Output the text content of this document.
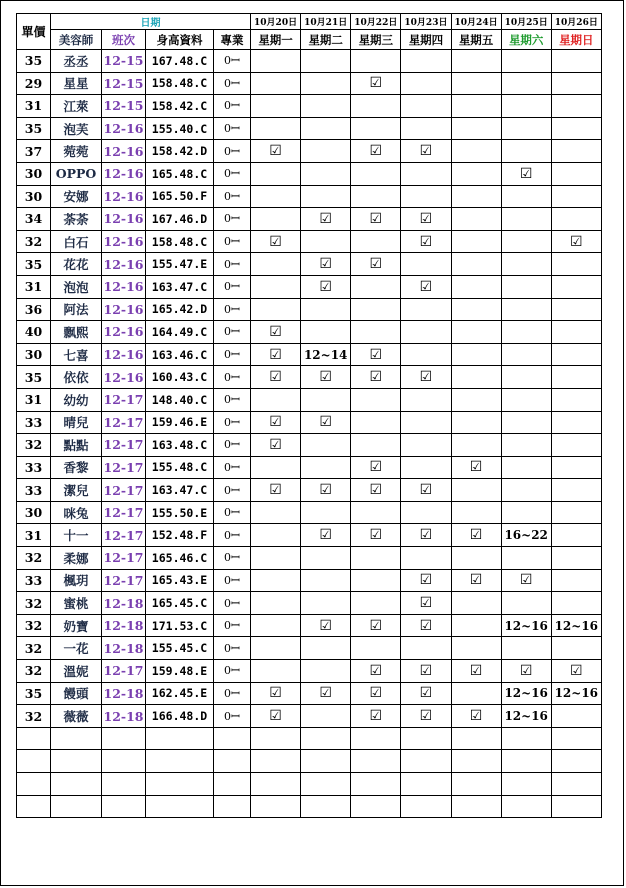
單價	日期				10月20日	10月21日	10月22日	10月23日	10月24日	10月25日	10月26日
	美容師	班次	身高資料	專業	星期一	星期二	星期三	星期四	星期五	星期六	星期日
35	丞丞	12-15	167.48.C	0ꟷ							
29	星星	12-15	158.48.C	0ꟷ			☑				
31	江萊	12-15	158.42.C	0ꟷ							
35	泡芙	12-16	155.40.C	0ꟷ							
37	菀菀	12-16	158.42.D	0ꟷ	☑		☑	☑			
30	OPPO	12-16	165.48.C	0ꟷ						☑	
30	安娜	12-16	165.50.F	0ꟷ							
34	荼荼	12-16	167.46.D	0ꟷ		☑	☑	☑			
32	白石	12-16	158.48.C	0ꟷ	☑			☑			☑
35	花花	12-16	155.47.E	0ꟷ		☑	☑				
31	泡泡	12-16	163.47.C	0ꟷ		☑		☑			
36	阿法	12-16	165.42.D	0ꟷ							
40	飘熙	12-16	164.49.C	0ꟷ	☑						
30	七喜	12-16	163.46.C	0ꟷ	☑	12~14	☑				
35	依依	12-16	160.43.C	0ꟷ	☑	☑	☑	☑			
31	幼幼	12-17	148.40.C	0ꟷ							
33	晴兒	12-17	159.46.E	0ꟷ	☑	☑					
32	點點	12-17	163.48.C	0ꟷ	☑						
33	香黎	12-17	155.48.C	0ꟷ			☑		☑		
33	潔兒	12-17	163.47.C	0ꟷ	☑	☑	☑	☑			
30	咪兔	12-17	155.50.E	0ꟷ							
31	十一	12-17	152.48.F	0ꟷ		☑	☑	☑	☑	16~22	
32	柔娜	12-17	165.46.C	0ꟷ							
33	楓玥	12-17	165.43.E	0ꟷ				☑	☑	☑	
32	蜜桃	12-18	165.45.C	0ꟷ				☑			
32	奶寶	12-18	171.53.C	0ꟷ		☑	☑	☑		12~16	12~16
32	一花	12-18	155.45.C	0ꟷ							
32	溫妮	12-17	159.48.E	0ꟷ			☑	☑	☑	☑	☑
35	饅頭	12-18	162.45.E	0ꟷ	☑	☑	☑	☑		12~16	12~16
32	薇薇	12-18	166.48.D	0ꟷ	☑		☑	☑	☑	12~16	
